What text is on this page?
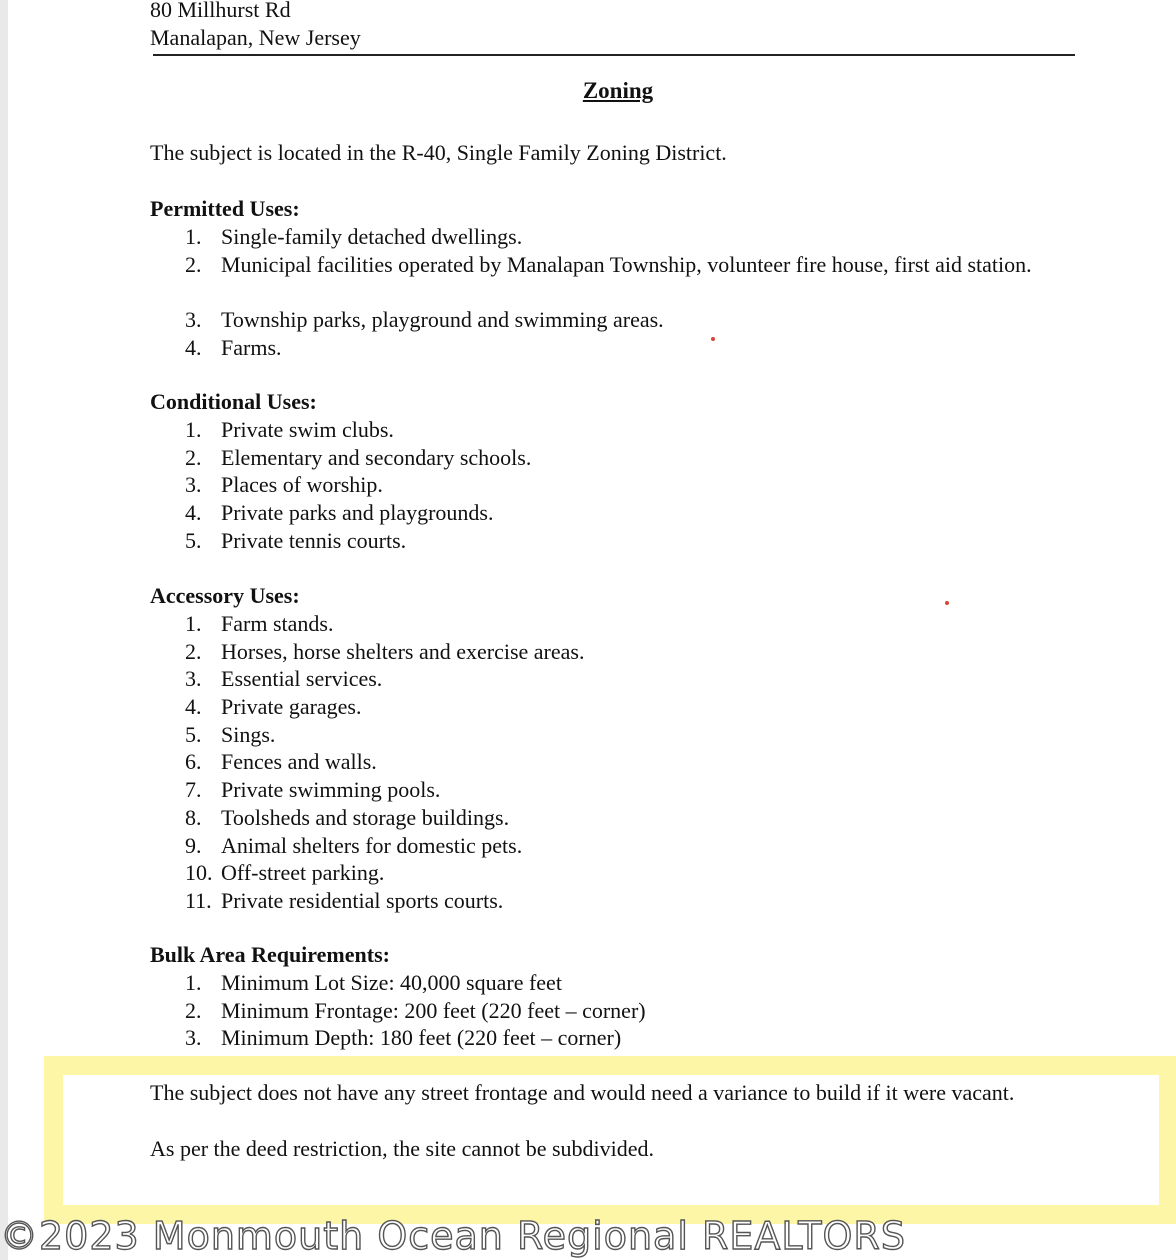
80 Millhurst Rd
Manalapan, New Jersey
Zoning
The subject is located in the R-40, Single Family Zoning District.
Permitted Uses:
1. Single-family detached dwellings.
2. Municipal facilities operated by Manalapan Township, volunteer fire house, first aid station.
3. Township parks, playground and swimming areas.
4. Farms.
Conditional Uses:
1. Private swim clubs.
2. Elementary and secondary schools.
3. Places of worship.
4. Private parks and playgrounds.
5. Private tennis courts.
Accessory Uses:
1. Farm stands.
2. Horses, horse shelters and exercise areas.
3. Essential services.
4. Private garages.
5. Sings.
6. Fences and walls.
7. Private swimming pools.
8. Toolsheds and storage buildings.
9. Animal shelters for domestic pets.
10. Off-street parking.
11. Private residential sports courts.
Bulk Area Requirements:
1. Minimum Lot Size: 40,000 square feet
2. Minimum Frontage: 200 feet (220 feet – corner)
3. Minimum Depth: 180 feet (220 feet – corner)
The subject does not have any street frontage and would need a variance to build if it were vacant.
As per the deed restriction, the site cannot be subdivided.
©2023 Monmouth Ocean Regional REALTORS
